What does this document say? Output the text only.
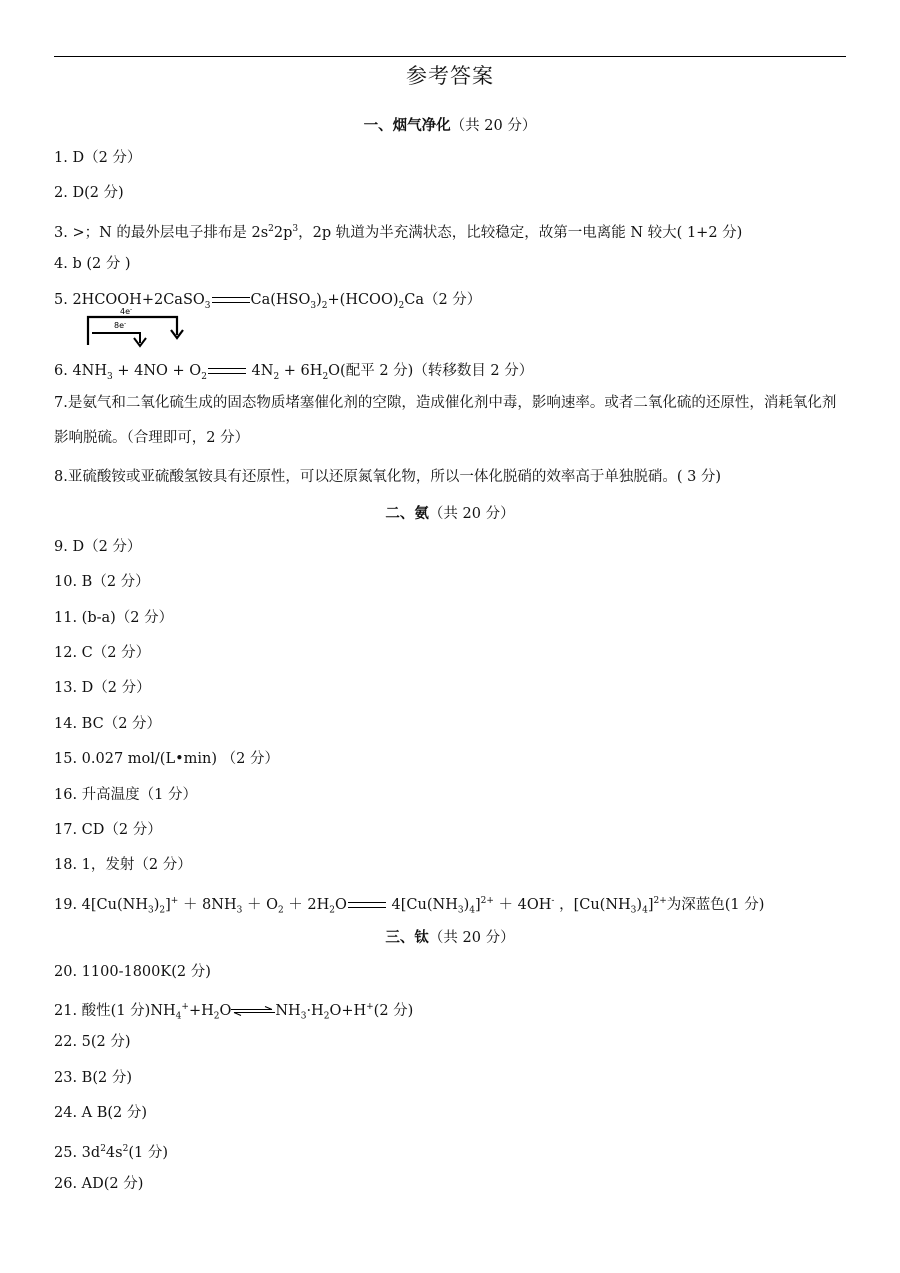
参考答案
一、烟气净化（共 20 分）
1. D（2 分）
2. D(2 分)
3. >；N 的最外层电子排布是 $2s^22p^3$，2p 轨道为半充满状态，比较稳定，故第一电离能 N 较大( 1+2 分)
4. b (2 分 )
5. 2HCOOH+2CaSO$_3$	$Ca(HSO_3)_2+(HCOO)_2Ca(2$ 分）
4e-
8e-
6. $4NH_3 + 4NO + O_2$	$4N_2 + 6H_2O$(配平 2 分)（转移数目 2 分）
7.是氨气和二氧化硫生成的固态物质堵塞催化剂的空隙，造成催化剂中毒，影响速率。或者二氧化硫的还原性，消耗氧化剂影响脱硫。（合理即可，2 分）
8.亚硫酸铵或亚硫酸氢铵具有还原性，可以还原氮氧化物，所以一体化脱硝的效率高于单独脱硝。( 3 分)
二、氨（共 20 分）
9. D（2 分）
10. B（2 分）
11. (b-a)（2 分）
12. C（2 分）
13. D（2 分）
14. BC（2 分）
15. 0.027 mol/(L•min) （2 分）
16. 升高温度（1 分）
17. CD（2 分）
18. 1，发射（2 分）
19. $4[Cu(NH_3)_2]^+ + 8NH_3 + O_2 + 2H_2O$	$4[Cu(NH_3)_4]^{2+} + 4OH^-$ ，$[Cu(NH_3)_4]^{2+}$为深蓝色(1 分)
三、钛（共 20 分）
20. 1100-1800K(2 分)
21. 酸性(1 分)$NH_4^++H_2O\rightleftharpoons NH_3\cdot H_2O+H^+(2$ 分)
22. 5(2 分)
23. B(2 分)
24. A B(2 分)
25. $3d^24s^2(1$ 分)
26. AD(2 分)
